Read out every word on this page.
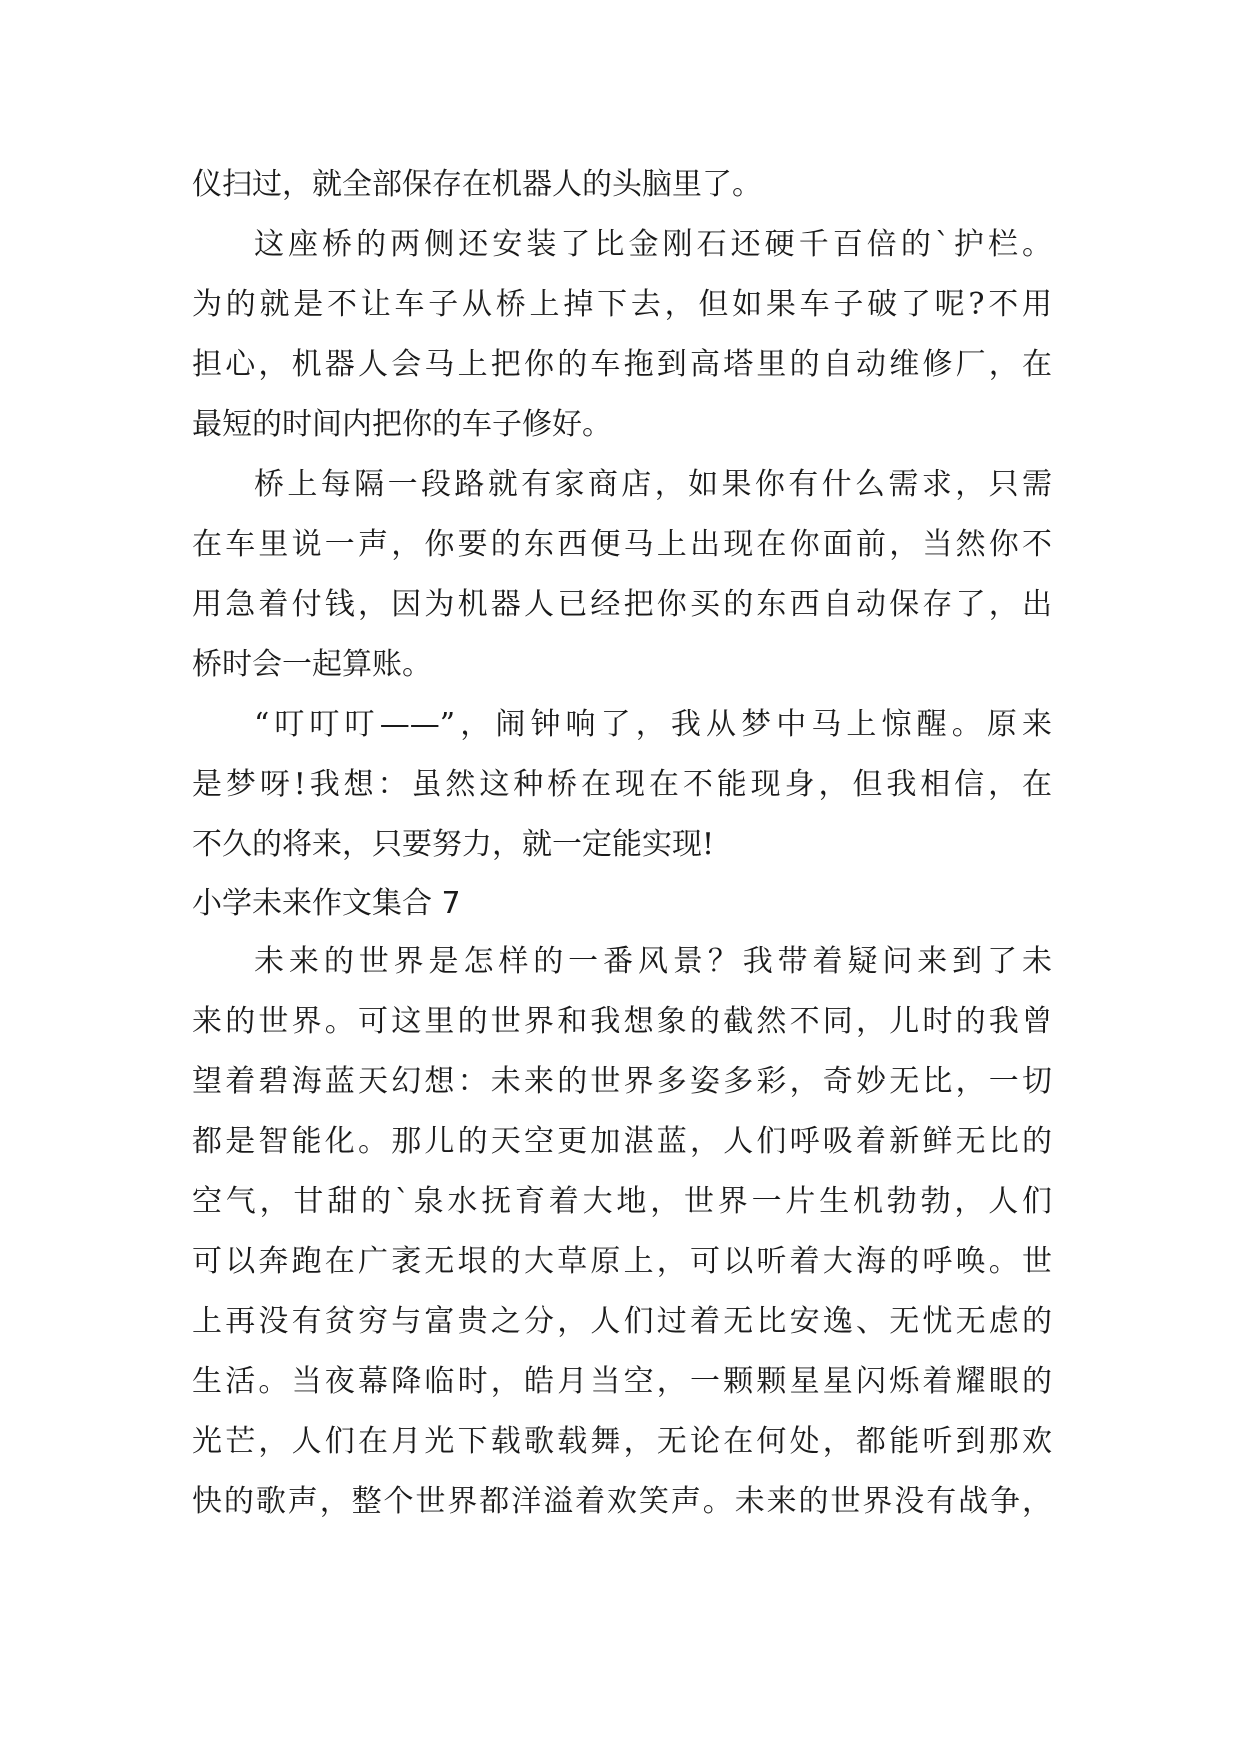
仪扫过，就全部保存在机器人的头脑里了。
这座桥的两侧还安装了比金刚石还硬千百倍的`护栏。
为的就是不让车子从桥上掉下去，但如果车子破了呢?不用
担心，机器人会马上把你的车拖到高塔里的自动维修厂，在
最短的时间内把你的车子修好。
桥上每隔一段路就有家商店，如果你有什么需求，只需
在车里说一声，你要的东西便马上出现在你面前，当然你不
用急着付钱，因为机器人已经把你买的东西自动保存了，出
桥时会一起算账。
“叮叮叮——”，闹钟响了，我从梦中马上惊醒。原来
是梦呀!我想：虽然这种桥在现在不能现身，但我相信，在
不久的将来，只要努力，就一定能实现!
小学未来作文集合 7
未来的世界是怎样的一番风景？我带着疑问来到了未
来的世界。可这里的世界和我想象的截然不同，儿时的我曾
望着碧海蓝天幻想：未来的世界多姿多彩，奇妙无比，一切
都是智能化。那儿的天空更加湛蓝，人们呼吸着新鲜无比的
空气，甘甜的`泉水抚育着大地，世界一片生机勃勃，人们
可以奔跑在广袤无垠的大草原上，可以听着大海的呼唤。世
上再没有贫穷与富贵之分，人们过着无比安逸、无忧无虑的
生活。当夜幕降临时，皓月当空，一颗颗星星闪烁着耀眼的
光芒，人们在月光下载歌载舞，无论在何处，都能听到那欢
快的歌声，整个世界都洋溢着欢笑声。未来的世界没有战争，
